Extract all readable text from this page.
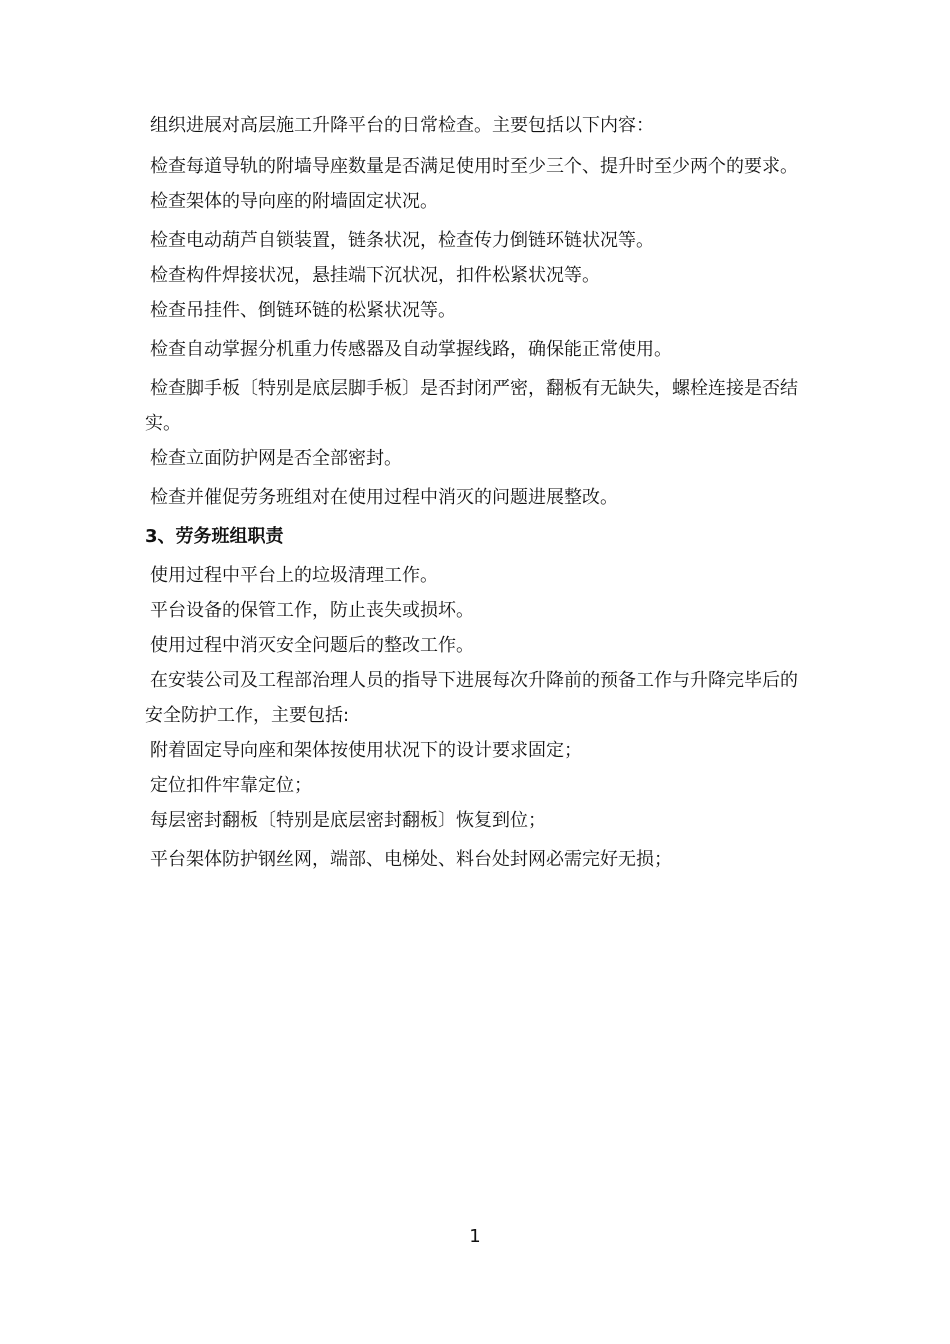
组织进展对高层施工升降平台的日常检查。主要包括以下内容：

检查每道导轨的附墙导座数量是否满足使用时至少三个、提升时至少两个的要求。

检查架体的导向座的附墙固定状况。

检查电动葫芦自锁装置，链条状况，检查传力倒链环链状况等。

检查构件焊接状况，悬挂端下沉状况，扣件松紧状况等。

检查吊挂件、倒链环链的松紧状况等。

检查自动掌握分机重力传感器及自动掌握线路，确保能正常使用。

检查脚手板〔特别是底层脚手板〕是否封闭严密，翻板有无缺失，螺栓连接是否结实。

检查立面防护网是否全部密封。

检查并催促劳务班组对在使用过程中消灭的问题进展整改。

3、劳务班组职责

使用过程中平台上的垃圾清理工作。

平台设备的保管工作，防止丧失或损坏。

使用过程中消灭安全问题后的整改工作。

在安装公司及工程部治理人员的指导下进展每次升降前的预备工作与升降完毕后的安全防护工作，主要包括:

附着固定导向座和架体按使用状况下的设计要求固定；

定位扣件牢靠定位；

每层密封翻板〔特别是底层密封翻板〕恢复到位；

平台架体防护钢丝网，端部、电梯处、料台处封网必需完好无损；

1
